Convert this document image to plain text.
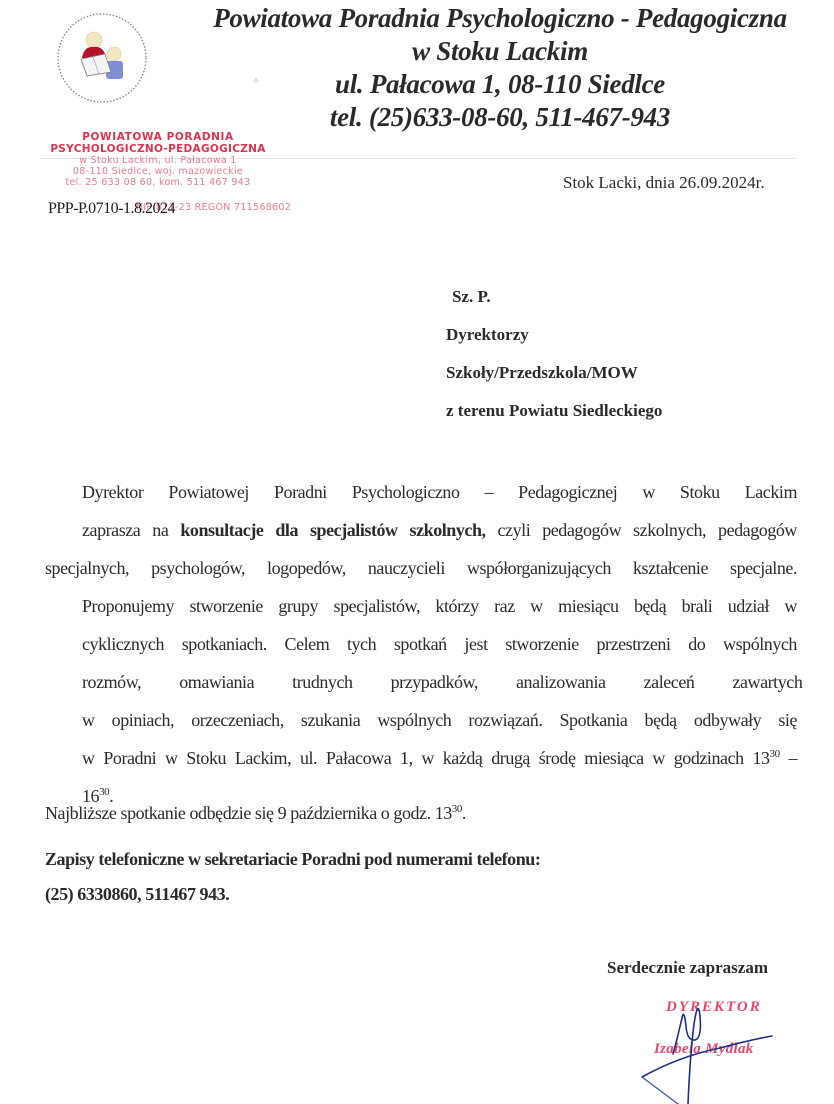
Powiatowa Poradnia Psychologiczno - Pedagogiczna
w Stoku Lackim
ul. Pałacowa 1, 08-110 Siedlce
tel. (25)633-08-60, 511-467-943
⟡
POWIATOWA PORADNIA
PSYCHOLOGICZNO-PEDAGOGICZNA
w Stoku Lackim, ul. Pałacowa 1
08-110 Siedlce, woj. mazowieckie
tel. 25 633 08 60, kom. 511 467 943
NIP 821-23 REGON 711568602
PPP-P.0710-1.8.2024
Stok Lacki, dnia 26.09.2024r.
Sz. P.
Dyrektorzy
Szkoły/Przedszkola/MOW
z terenu Powiatu Siedleckiego
Dyrektor Powiatowej Poradni Psychologiczno – Pedagogicznej w Stoku Lackim
zaprasza na konsultacje dla specjalistów szkolnych, czyli pedagogów szkolnych, pedagogów
specjalnych, psychologów, logopedów, nauczycieli współorganizujących kształcenie specjalne.
Proponujemy stworzenie grupy specjalistów, którzy raz w miesiącu będą brali udział w
cyklicznych spotkaniach. Celem tych spotkań jest stworzenie przestrzeni do wspólnych
rozmów, omawiania trudnych przypadków, analizowania zaleceń zawartych
w opiniach, orzeczeniach, szukania wspólnych rozwiązań. Spotkania będą odbywały się
w Poradni w Stoku Lackim, ul. Pałacowa 1, w każdą drugą środę miesiąca w godzinach $13^{30}$ –
$16^{30}$.
Najbliższe spotkanie odbędzie się 9 października o godz. $13^{30}$.
Zapisy telefoniczne w sekretariacie Poradni pod numerami telefonu:
(25) 6330860, 511467 943.
Serdecznie zapraszam
DYREKTOR
Izabela Mydlak
